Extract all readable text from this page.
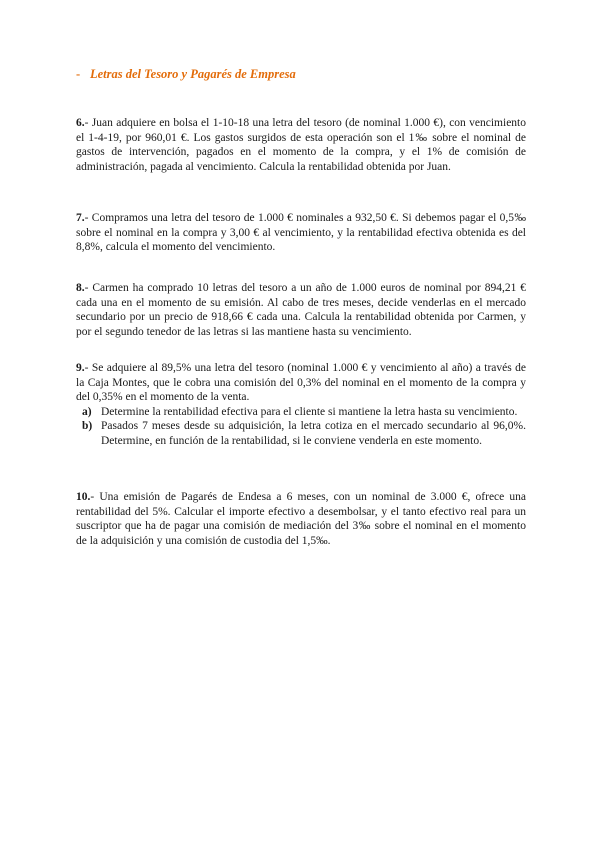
- Letras del Tesoro y Pagarés de Empresa
6.- Juan adquiere en bolsa el 1-10-18 una letra del tesoro (de nominal 1.000 €), con vencimiento el 1-4-19, por 960,01 €. Los gastos surgidos de esta operación son el 1‰ sobre el nominal de gastos de intervención, pagados en el momento de la compra, y el 1% de comisión de administración, pagada al vencimiento. Calcula la rentabilidad obtenida por Juan.
7.- Compramos una letra del tesoro de 1.000 € nominales a 932,50 €. Si debemos pagar el 0,5‰ sobre el nominal en la compra y 3,00 € al vencimiento, y la rentabilidad efectiva obtenida es del 8,8%, calcula el momento del vencimiento.
8.- Carmen ha comprado 10 letras del tesoro a un año de 1.000 euros de nominal por 894,21 € cada una en el momento de su emisión. Al cabo de tres meses, decide venderlas en el mercado secundario por un precio de 918,66 € cada una. Calcula la rentabilidad obtenida por Carmen, y por el segundo tenedor de las letras si las mantiene hasta su vencimiento.
9.- Se adquiere al 89,5% una letra del tesoro (nominal 1.000 € y vencimiento al año) a través de la Caja Montes, que le cobra una comisión del 0,3% del nominal en el momento de la compra y del 0,35% en el momento de la venta.
a) Determine la rentabilidad efectiva para el cliente si mantiene la letra hasta su vencimiento.
b) Pasados 7 meses desde su adquisición, la letra cotiza en el mercado secundario al 96,0%. Determine, en función de la rentabilidad, si le conviene venderla en este momento.
10.- Una emisión de Pagarés de Endesa a 6 meses, con un nominal de 3.000 €, ofrece una rentabilidad del 5%. Calcular el importe efectivo a desembolsar, y el tanto efectivo real para un suscriptor que ha de pagar una comisión de mediación del 3‰ sobre el nominal en el momento de la adquisición y una comisión de custodia del 1,5‰.
